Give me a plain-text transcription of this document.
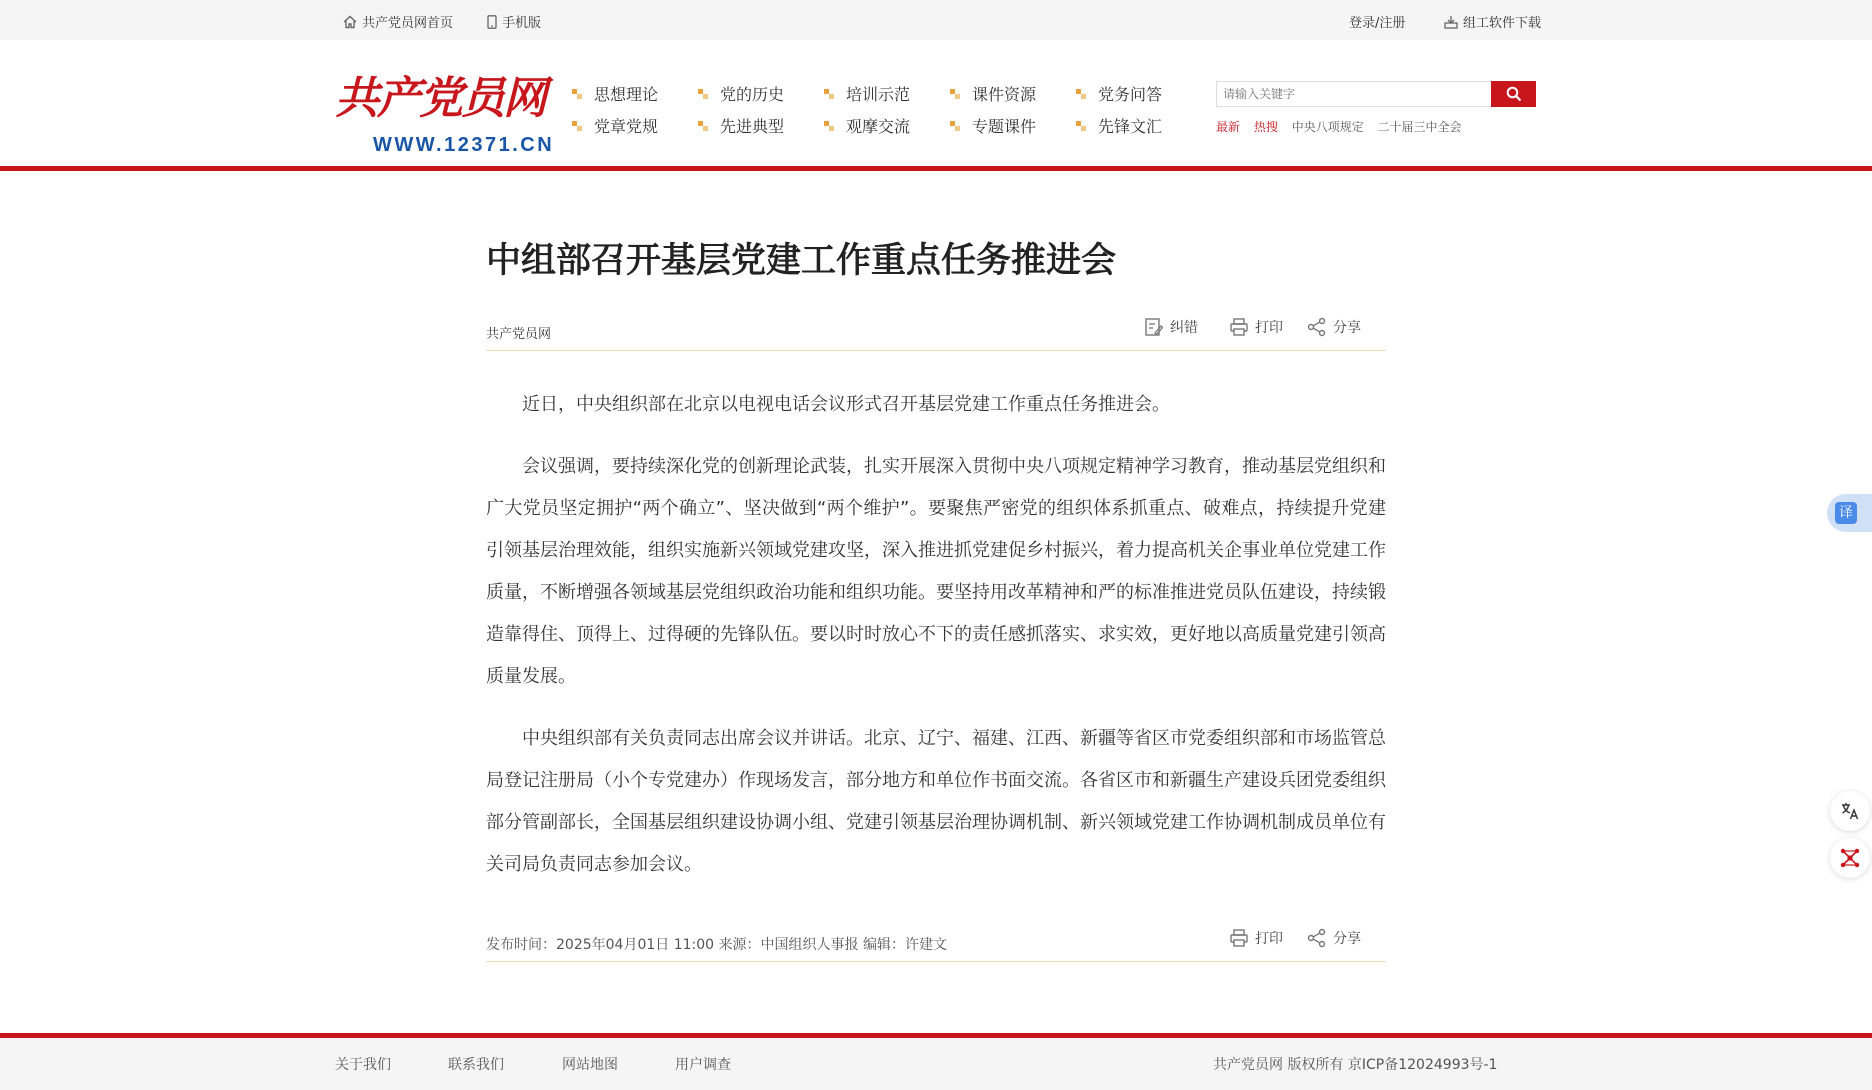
共产党员网首页	手机版	登录/注册	组工软件下载
共产党员网
WWW.12371.CN
思想理论	党的历史	培训示范	课件资源	党务问答
党章党规	先进典型	观摩交流	专题课件	先锋文汇
请输入关键字	最新 热搜 中央八项规定 二十届三中全会
中组部召开基层党建工作重点任务推进会
共产党员网	纠错	打印	分享

近日，中央组织部在北京以电视电话会议形式召开基层党建工作重点任务推进会。

会议强调，要持续深化党的创新理论武装，扎实开展深入贯彻中央八项规定精神学习教育，推动基层党组织和广大党员坚定拥护“两个确立”、坚决做到“两个维护”。要聚焦严密党的组织体系抓重点、破难点，持续提升党建引领基层治理效能，组织实施新兴领域党建攻坚，深入推进抓党建促乡村振兴，着力提高机关企事业单位党建工作质量，不断增强各领域基层党组织政治功能和组织功能。要坚持用改革精神和严的标准推进党员队伍建设，持续锻造靠得住、顶得上、过得硬的先锋队伍。要以时时放心不下的责任感抓落实、求实效，更好地以高质量党建引领高质量发展。

中央组织部有关负责同志出席会议并讲话。北京、辽宁、福建、江西、新疆等省区市党委组织部和市场监管总局登记注册局（小个专党建办）作现场发言，部分地方和单位作书面交流。各省区市和新疆生产建设兵团党委组织部分管副部长，全国基层组织建设协调小组、党建引领基层治理协调机制、新兴领域党建工作协调机制成员单位有关司局负责同志参加会议。

发布时间：2025年04月01日 11:00 来源：中国组织人事报 编辑：许建文	打印	分享
关于我们	联系我们	网站地图	用户调查	共产党员网 版权所有 京ICP备12024993号-1
译
